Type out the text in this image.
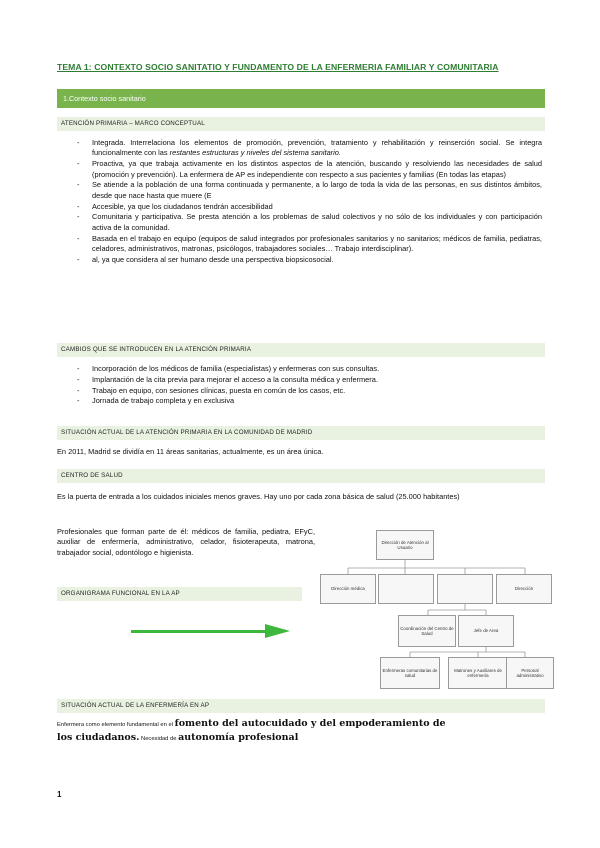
TEMA 1: CONTEXTO SOCIO SANITATIO Y FUNDAMENTO DE LA ENFERMERIA FAMILIAR Y COMUNITARIA
1.Contexto socio sanitario
ATENCIÓN PRIMARIA – MARCO CONCEPTUAL
- Integrada. Interrelaciona los elementos de promoción, prevención, tratamiento y rehabilitación y reinserción social. Se integra funcionalmente con las restantes estructuras y niveles del sistema sanitario.
- Proactiva, ya que trabaja activamente en los distintos aspectos de la atención, buscando y resolviendo las necesidades de salud (promoción y prevención). La enfermera de AP es independiente con respecto a sus pacientes y familias (En todas las etapas)
- Se atiende a la población de una forma continuada y permanente, a lo largo de toda la vida de las personas, en sus distintos ámbitos, desde que nace hasta que muere (E
- Accesible, ya que los ciudadanos tendrán accesibilidad
- Comunitaria y participativa. Se presta atención a los problemas de salud colectivos y no sólo de los individuales y con participación activa de la comunidad.
- Basada en el trabajo en equipo (equipos de salud integrados por profesionales sanitarios y no sanitarios; médicos de familia, pediatras, celadores, administrativos, matronas, psicólogos, trabajadores sociales… Trabajo interdisciplinar).
- al, ya que considera al ser humano desde una perspectiva biopsicosocial.
CAMBIOS QUE SE INTRODUCEN EN LA ATENCIÓN PRIMARIA
- Incorporación de los médicos de familia (especialistas) y enfermeras con sus consultas.
- Implantación de la cita previa para mejorar el acceso a la consulta médica y enfermera.
- Trabajo en equipo, con sesiones clínicas, puesta en común de los casos, etc.
- Jornada de trabajo completa y en exclusiva
SITUACIÓN ACTUAL DE LA ATENCIÓN PRIMARIA EN LA COMUNIDAD DE MADRID
En 2011, Madrid se dividía en 11 áreas sanitarias, actualmente, es un área única.
CENTRO DE SALUD
Es la puerta de entrada a los cuidados iniciales menos graves. Hay uno por cada zona básica de salud (25.000 habitantes)
Profesionales que forman parte de él: médicos de familia, pediatra, EFyC, auxiliar de enfermería, administrativo, celador, fisioterapeuta, matrona, trabajador social, odontólogo e higienista.
ORGANIGRAMA FUNCIONAL EN LA AP
Dirección de Atención al Usuario
Dirección médica	Dirección
Coordinación del Centro de Salud
Jefe de Area
Enfermeras comunitarias de salud
Matrones y Auxiliares de enfermería
Personal administrativo
SITUACIÓN ACTUAL DE LA ENFERMERÍA EN AP
Enfermera como elemento fundamental en el fomento del autocuidado y del empoderamiento de
los ciudadanos. Necesidad de autonomía profesional
1
